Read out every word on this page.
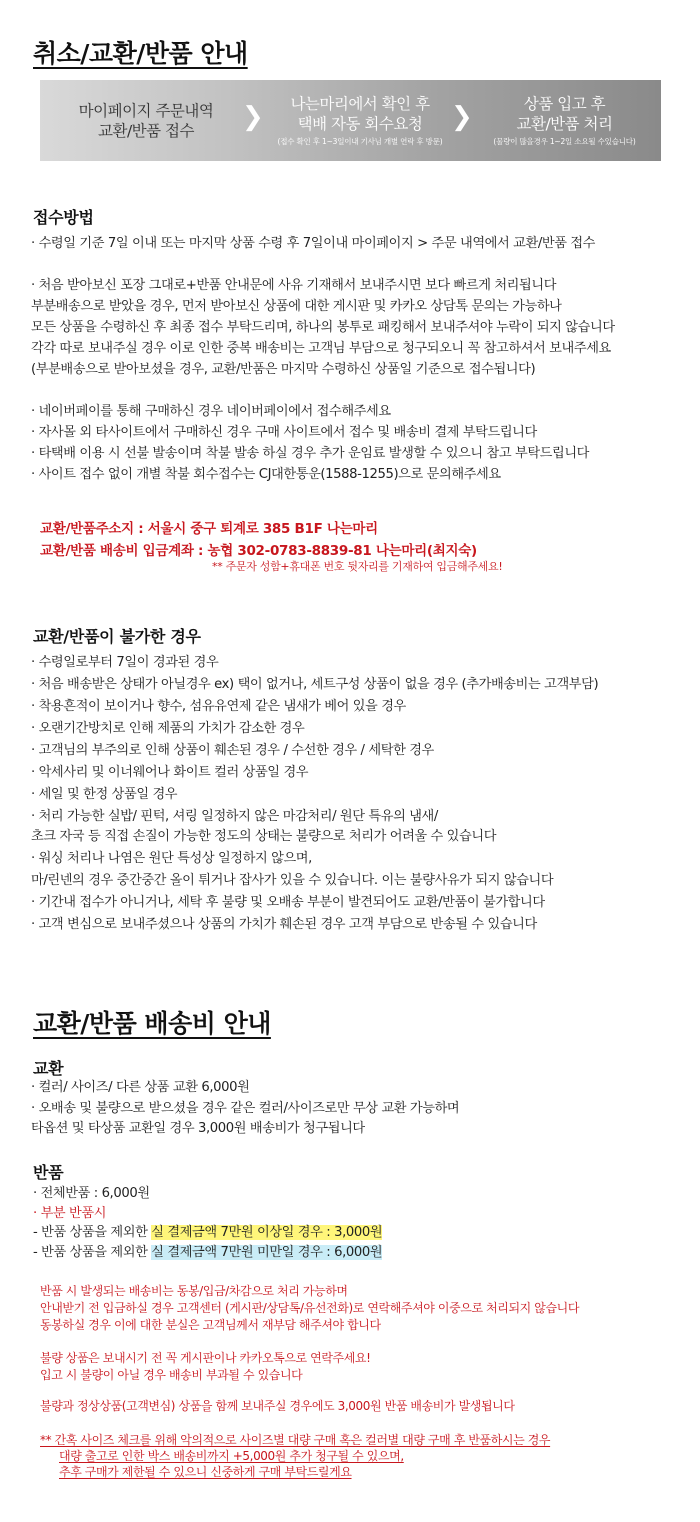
취소/교환/반품 안내
마이페이지 주문내역
교환/반품 접수 ❯ 나는마리에서 확인 후
택배 자동 회수요청
(접수 확인 후 1~3일이내 기사님 개별 연락 후 방문)
❯	상품 입고 후
교환/반품 처리
(물량이 많을경우 1~2일 소요될 수있습니다)
접수방법
· 수령일 기준 7일 이내 또는 마지막 상품 수령 후 7일이내 마이페이지 > 주문 내역에서 교환/반품 접수
· 처음 받아보신 포장 그대로+반품 안내문에 사유 기재해서 보내주시면 보다 빠르게 처리됩니다
부분배송으로 받았을 경우, 먼저 받아보신 상품에 대한 게시판 및 카카오 상담톡 문의는 가능하나
모든 상품을 수령하신 후 최종 접수 부탁드리며, 하나의 봉투로 패킹해서 보내주셔야 누락이 되지 않습니다
각각 따로 보내주실 경우 이로 인한 중복 배송비는 고객님 부담으로 청구되오니 꼭 참고하셔서 보내주세요
(부분배송으로 받아보셨을 경우, 교환/반품은 마지막 수령하신 상품일 기준으로 접수됩니다)
· 네이버페이를 통해 구매하신 경우 네이버페이에서 접수해주세요
· 자사몰 외 타사이트에서 구매하신 경우 구매 사이트에서 접수 및 배송비 결제 부탁드립니다
· 타택배 이용 시 선불 발송이며 착불 발송 하실 경우 추가 운임료 발생할 수 있으니 참고 부탁드립니다
· 사이트 접수 없이 개별 착불 회수접수는 CJ대한통운(1588-1255)으로 문의해주세요
교환/반품주소지 : 서울시 중구 퇴계로 385 B1F 나는마리
교환/반품 배송비 입금계좌 : 농협 302-0783-8839-81 나는마리(최지숙)
** 주문자 성함+휴대폰 번호 뒷자리를 기재하여 입금해주세요!
교환/반품이 불가한 경우
· 수령일로부터 7일이 경과된 경우
· 처음 배송받은 상태가 아닐경우 ex) 택이 없거나, 세트구성 상품이 없을 경우 (추가배송비는 고객부담)
· 착용흔적이 보이거나 향수, 섬유유연제 같은 냄새가 베어 있을 경우
· 오랜기간방치로 인해 제품의 가치가 감소한 경우
· 고객님의 부주의로 인해 상품이 훼손된 경우 / 수선한 경우 / 세탁한 경우
· 악세사리 및 이너웨어나 화이트 컬러 상품일 경우
· 세일 및 한정 상품일 경우
· 처리 가능한 실밥/ 핀턱, 셔링 일정하지 않은 마감처리/ 원단 특유의 냄새/
초크 자국 등 직접 손질이 가능한 정도의 상태는 불량으로 처리가 어려울 수 있습니다
· 워싱 처리나 나염은 원단 특성상 일정하지 않으며,
마/린넨의 경우 중간중간 올이 튀거나 잡사가 있을 수 있습니다. 이는 불량사유가 되지 않습니다
· 기간내 접수가 아니거나, 세탁 후 불량 및 오배송 부분이 발견되어도 교환/반품이 불가합니다
· 고객 변심으로 보내주셨으나 상품의 가치가 훼손된 경우 고객 부담으로 반송될 수 있습니다
교환/반품 배송비 안내
교환
· 컬러/ 사이즈/ 다른 상품 교환 6,000원
· 오배송 및 불량으로 받으셨을 경우 같은 컬러/사이즈로만 무상 교환 가능하며
타옵션 및 타상품 교환일 경우 3,000원 배송비가 청구됩니다
반품
· 전체반품 : 6,000원
· 부분 반품시
- 반품 상품을 제외한 실 결제금액 7만원 이상일 경우 : 3,000원
- 반품 상품을 제외한 실 결제금액 7만원 미만일 경우 : 6,000원
반품 시 발생되는 배송비는 동봉/입금/차감으로 처리 가능하며
안내받기 전 입금하실 경우 고객센터 (게시판/상담톡/유선전화)로 연락해주셔야 이중으로 처리되지 않습니다
동봉하실 경우 이에 대한 분실은 고객님께서 재부담 해주셔야 합니다
불량 상품은 보내시기 전 꼭 게시판이나 카카오톡으로 연락주세요!
입고 시 불량이 아닐 경우 배송비 부과될 수 있습니다
불량과 정상상품(고객변심) 상품을 함께 보내주실 경우에도 3,000원 반품 배송비가 발생됩니다
** 간혹 사이즈 체크를 위해 악의적으로 사이즈별 대량 구매 혹은 컬러별 대량 구매 후 반품하시는 경우
대량 출고로 인한 박스 배송비까지 +5,000원 추가 청구될 수 있으며,
추후 구매가 제한될 수 있으니 신중하게 구매 부탁드릴게요
